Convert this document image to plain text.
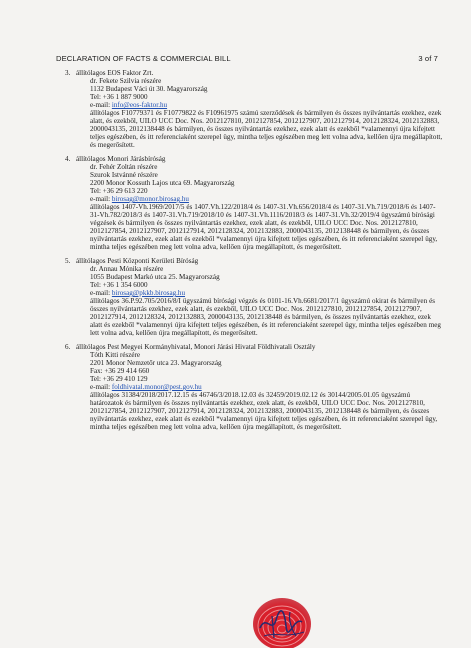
DECLARATION OF FACTS & COMMERCIAL BILL	3 of 7
3. állítólagos EOS Faktor Zrt.
dr. Fekete Szilvia részére
1132 Budapest Váci út 30. Magyarország
Tel: +36 1 887 9000
e-mail: info@eos-faktor.hu
állítólagos F10779371 és F10779822 és F10961975 számú szerződések és bármilyen és összes nyilvántartás ezekhez, ezek alatt, és ezekből, UILO UCC Doc. Nos. 2012127810, 2012127854, 2012127907, 2012127914, 2012128324, 2012132883, 2000043135, 2012138448 és bármilyen, és összes nyilvántartás ezekhez, ezek alatt és ezekből *valamennyi újra kifejtett teljes egészében, és itt referenciaként szerepel ügy, mintha teljes egészében meg lett volna adva, kellően újra megállapított, és megerősített.
4. állítólagos Monori Járásbíróság
dr. Fehér Zoltán részére
Szurok Istvánné részére
2200 Monor Kossuth Lajos utca 69. Magyarország
Tel: +36 29 613 220
e-mail: birosag@monor.birosag.hu
állítólagos 1407-Vh.1969/2017/5 és 1407.Vh.122/2018/4 és 1407-31.Vh.656/2018/4 és 1407-31.Vh.719/2018/6 és 1407-31-Vh.782/2018/3 és 1407-31.Vh.719/2018/10 és 1407-31.Vh.1116/2018/3 és 1407-31.Vh.32/2019/4 ügyszámú bírósági végzések és bármilyen és összes nyilvántartás ezekhez, ezek alatt, és ezekből, UILO UCC Doc. Nos. 2012127810, 2012127854, 2012127907, 2012127914, 2012128324, 2012132883, 2000043135, 2012138448 és bármilyen, és összes nyilvántartás ezekhez, ezek alatt és ezekből *valamennyi újra kifejtett teljes egészében, és itt referenciaként szerepel ügy, mintha teljes egészében meg lett volna adva, kellően újra megállapított, és megerősített.
5. állítólagos Pesti Központi Kerületi Bíróság
dr. Annau Mónika részére
1055 Budapest Markó utca 25. Magyarország
Tel: +36 1 354 6000
e-mail: birosag@pkkb.birosag.hu
állítólagos 36.P.92.705/2016/8/I ügyszámú bírósági végzés és 0101-16.Vh.6681/2017/1 ügyszámú okirat és bármilyen és összes nyilvántartás ezekhez, ezek alatt, és ezekből, UILO UCC Doc. Nos. 2012127810, 2012127854, 2012127907, 2012127914, 2012128324, 2012132883, 2000043135, 2012138448 és bármilyen, és összes nyilvántartás ezekhez, ezek alatt és ezekből *valamennyi újra kifejtett teljes egészében, és itt referenciaként szerepel ügy, mintha teljes egészében meg lett volna adva, kellően újra megállapított, és megerősített.
6. állítólagos Pest Megyei Kormányhivatal, Monori Járási Hivatal Földhivatali Osztály
Tóth Kitti részére
2201 Monor Nemzetőr utca 23. Magyarország
Fax: +36 29 414 660
Tel: +36 29 410 129
e-mail: foldhivatal.monor@pest.gov.hu
állítólagos 31384/2018/2017.12.15 és 46746/3/2018.12.03 és 32459/2019.02.12 és 30144/2005.01.05 ügyszámú határozatok és bármilyen és összes nyilvántartás ezekhez, ezek alatt, és ezekből, UILO UCC Doc. Nos. 2012127810, 2012127854, 2012127907, 2012127914, 2012128324, 2012132883, 2000043135, 2012138448 és bármilyen, és összes nyilvántartás ezekhez, ezek alatt és ezekből *valamennyi újra kifejtett teljes egészében, és itt referenciaként szerepel ügy, mintha teljes egészében meg lett volna adva, kellően újra megállapított, és megerősített.
